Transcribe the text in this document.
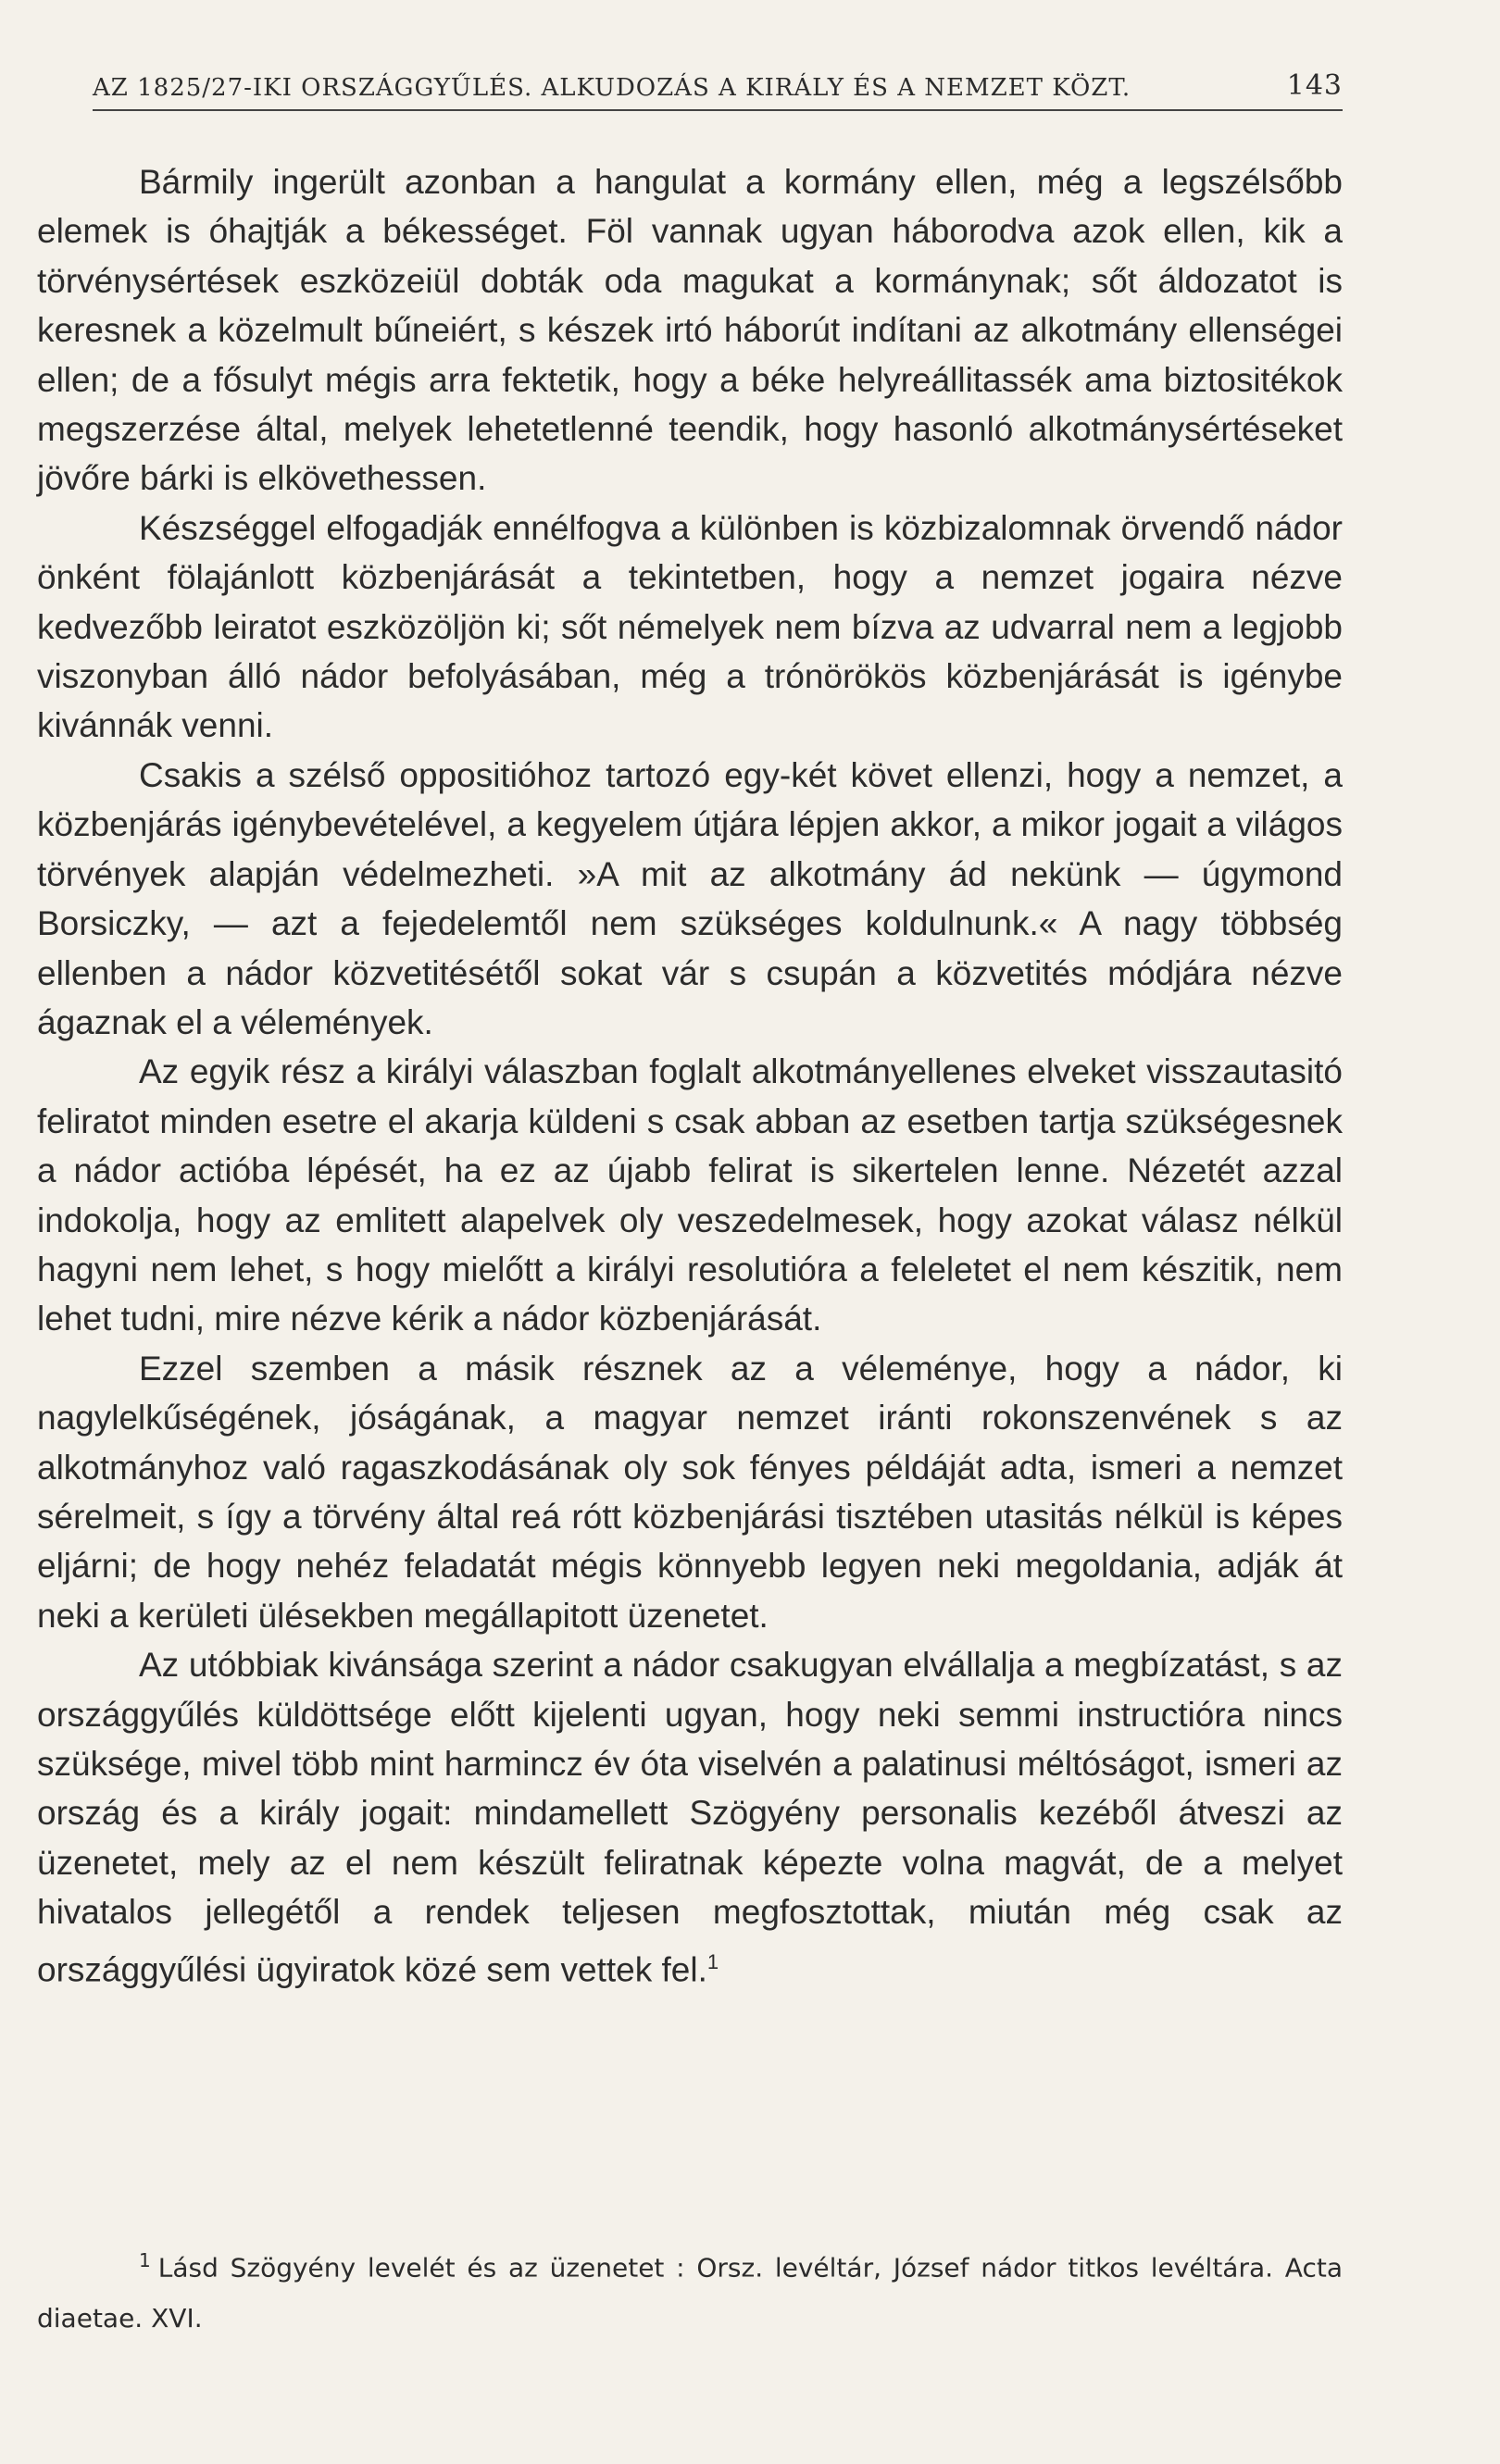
AZ 1825/27-IKI ORSZÁGGYŰLÉS. ALKUDOZÁS A KIRÁLY ÉS A NEMZET KÖZT.	143

Bármily ingerült azonban a hangulat a kormány ellen, még a legszélsőbb elemek is óhajtják a békességet. Föl vannak ugyan háborodva azok ellen, kik a törvénysértések eszközeiül dobták oda magukat a kormánynak; sőt áldozatot is keresnek a közelmult bűneiért, s készek irtó háborút indítani az alkotmány ellenségei ellen; de a fősulyt mégis arra fektetik, hogy a béke helyreállitassék ama biztositékok megszerzése által, melyek lehetetlenné teendik, hogy hasonló alkotmánysértéseket jövőre bárki is elkövethessen.

Készséggel elfogadják ennélfogva a különben is közbizalomnak örvendő nádor önként fölajánlott közbenjárását a tekintetben, hogy a nemzet jogaira nézve kedvezőbb leiratot eszközöljön ki; sőt némelyek nem bízva az udvarral nem a legjobb viszonyban álló nádor befolyásában, még a trónörökös közbenjárását is igénybe kivánnák venni.

Csakis a szélső oppositióhoz tartozó egy-két követ ellenzi, hogy a nemzet, a közbenjárás igénybevételével, a kegyelem útjára lépjen akkor, a mikor jogait a világos törvények alapján védelmezheti. »A mit az alkotmány ád nekünk — úgymond Borsiczky, — azt a fejedelemtől nem szükséges koldulnunk.« A nagy többség ellenben a nádor közvetitésétől sokat vár s csupán a közvetités módjára nézve ágaznak el a vélemények.

Az egyik rész a királyi válaszban foglalt alkotmányellenes elveket visszautasitó feliratot minden esetre el akarja küldeni s csak abban az esetben tartja szükségesnek a nádor actióba lépését, ha ez az újabb felirat is sikertelen lenne. Nézetét azzal indokolja, hogy az emlitett alapelvek oly veszedelmesek, hogy azokat válasz nélkül hagyni nem lehet, s hogy mielőtt a királyi resolutióra a feleletet el nem készitik, nem lehet tudni, mire nézve kérik a nádor közbenjárását.

Ezzel szemben a másik résznek az a véleménye, hogy a nádor, ki nagylelkűségének, jóságának, a magyar nemzet iránti rokonszenvének s az alkotmányhoz való ragaszkodásának oly sok fényes példáját adta, ismeri a nemzet sérelmeit, s így a törvény által reá rótt közbenjárási tisztében utasitás nélkül is képes eljárni; de hogy nehéz feladatát mégis könnyebb legyen neki megoldania, adják át neki a kerületi ülésekben megállapitott üzenetet.

Az utóbbiak kivánsága szerint a nádor csakugyan elvállalja a megbízatást, s az országgyűlés küldöttsége előtt kijelenti ugyan, hogy neki semmi instructióra nincs szüksége, mivel több mint harmincz év óta viselvén a palatinusi méltóságot, ismeri az ország és a király jogait: mindamellett Szögyény personalis kezéből átveszi az üzenetet, mely az el nem készült feliratnak képezte volna magvát, de a melyet hivatalos jellegétől a rendek teljesen megfosztottak, miután még csak az országgyűlési ügyiratok közé sem vettek fel.$^1$

$^1$ Lásd Szögyény levelét és az üzenetet : Orsz. levéltár, József nádor titkos levéltára. Acta diaetae. XVI.
